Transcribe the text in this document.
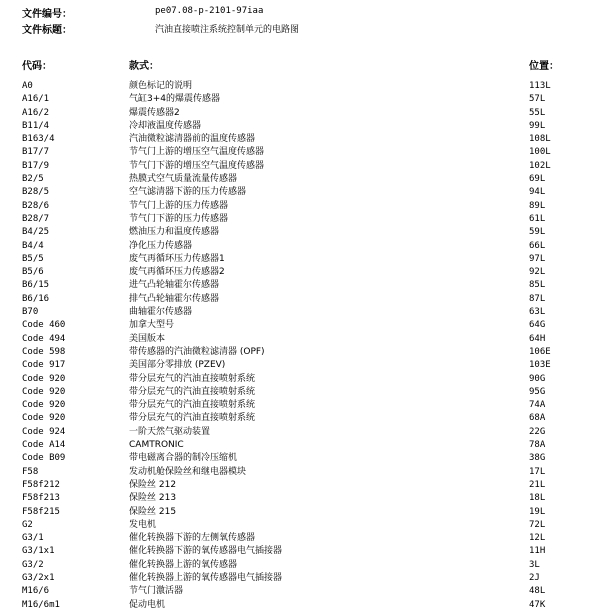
文件编号：	pe07.08-p-2101-97iaa
文件标题：	汽油直接喷注系统控制单元的电路图
代码：	款式：	位置：
A0	颜色标记的说明	113L
A16/1	气缸3+4的爆震传感器	57L
A16/2	爆震传感器2	55L
B11/4	冷却液温度传感器	99L
B163/4	汽油微粒滤清器前的温度传感器	108L
B17/7	节气门上游的增压空气温度传感器	100L
B17/9	节气门下游的增压空气温度传感器	102L
B2/5	热膜式空气质量流量传感器	69L
B28/5	空气滤清器下游的压力传感器	94L
B28/6	节气门上游的压力传感器	89L
B28/7	节气门下游的压力传感器	61L
B4/25	燃油压力和温度传感器	59L
B4/4	净化压力传感器	66L
B5/5	废气再循环压力传感器1	97L
B5/6	废气再循环压力传感器2	92L
B6/15	进气凸轮轴霍尔传感器	85L
B6/16	排气凸轮轴霍尔传感器	87L
B70	曲轴霍尔传感器	63L
Code 460	加拿大型号	64G
Code 494	美国版本	64H
Code 598	带传感器的汽油微粒滤清器 (OPF)	106E
Code 917	美国部分零排放 (PZEV)	103E
Code 920	带分层充气的汽油直接喷射系统	90G
Code 920	带分层充气的汽油直接喷射系统	95G
Code 920	带分层充气的汽油直接喷射系统	74A
Code 920	带分层充气的汽油直接喷射系统	68A
Code 924	一阶天然气驱动装置	22G
Code A14	CAMTRONIC	78A
Code B09	带电磁离合器的制冷压缩机	38G
F58	发动机舱保险丝和继电器模块	17L
F58f212	保险丝 212	21L
F58f213	保险丝 213	18L
F58f215	保险丝 215	19L
G2	发电机	72L
G3/1	催化转换器下游的左侧氧传感器	12L
G3/1x1	催化转换器下游的氧传感器电气插接器	11H
G3/2	催化转换器上游的氧传感器	3L
G3/2x1	催化转换器上游的氧传感器电气插接器	2J
M16/6	节气门激活器	48L
M16/6m1	促动电机	47K
